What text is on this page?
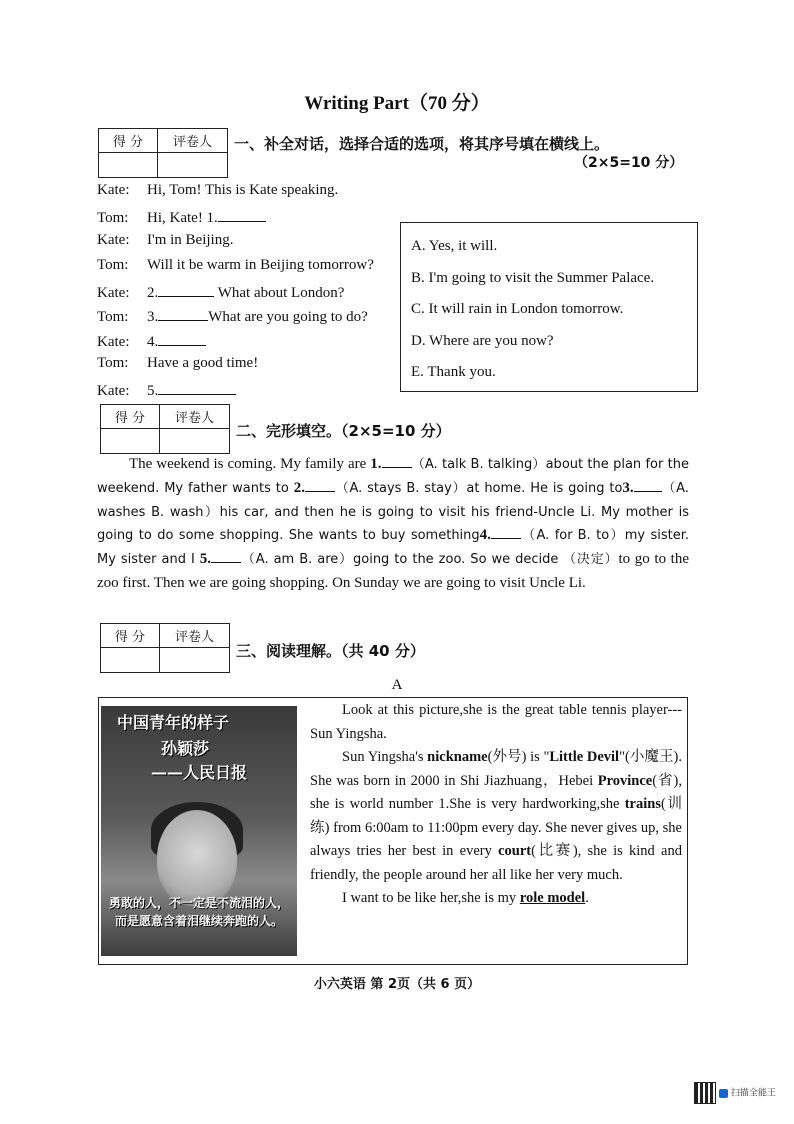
Writing Part（70 分）
得 分	评卷人
	一、补全对话，选择合适的选项，将其序号填在横线上。
（2×5=10 分）
Kate: Hi, Tom! This is Kate speaking.
Tom: Hi, Kate! 1.
Kate: I'm in Beijing.
Tom: Will it be warm in Beijing tomorrow?
Kate: 2.	What about London?
Tom: 3.	What are you going to do?
Kate: 4.
Tom: Have a good time!
Kate: 5.
A. Yes, it will.
B. I'm going to visit the Summer Palace.
C. It will rain in London tomorrow.
D. Where are you now?
E. Thank you.
得 分	评卷人

二、完形填空。（2×5=10 分）
The weekend is coming. My family are 1. （A. talk B. talking）about the plan for the weekend. My father wants to 2. （A. stays B. stay）at home. He is going to3. （A. washes B. wash）his car, and then he is going to visit his friend-Uncle Li. My mother is going to do some shopping. She wants to buy something4. （A. for B. to）my sister. My sister and I 5. （A. am B. are）going to the zoo. So we decide （决定）to go to the zoo first. Then we are going shopping. On Sunday we are going to visit Uncle Li.
得 分	评卷人

三、阅读理解。（共 40 分）
A
中国青年的样子
孙颖莎
——人民日报
勇敢的人，不一定是不流泪的人，而是愿意含着泪继续奔跑的人。

Look at this picture,she is the great table tennis player---Sun Yingsha.

Sun Yingsha's nickname(外号) is "Little Devil"(小魔王). She was born in 2000 in Shi Jiazhuang，Hebei Province(省), she is world number 1.She is very hardworking,she trains(训练) from 6:00am to 11:00pm every day. She never gives up, she always tries her best in every court(比赛), she is kind and friendly, the people around her all like her very much.

I want to be like her,she is my role model.

小六英语 第 2页（共 6 页）
扫描全能王
